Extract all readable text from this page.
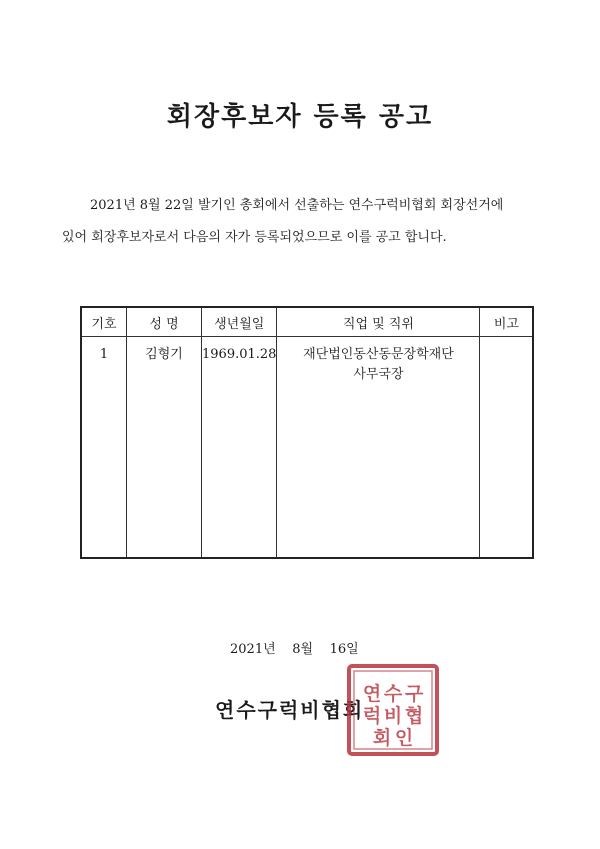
회장후보자 등록 공고
2021년 8월 22일 발기인 총회에서 선출하는 연수구럭비협회 회장선거에
있어 회장후보자로서 다음의 자가 등록되었으므로 이를 공고 합니다.
기호	성 명	생년월일	직업 및 직위	비고
1	김형기	1969.01.28	재단법인동산동문장학재단
사무국장	

2021년 8월 16일
연수구럭비협회
연 수 구
럭 비 협
회 인
